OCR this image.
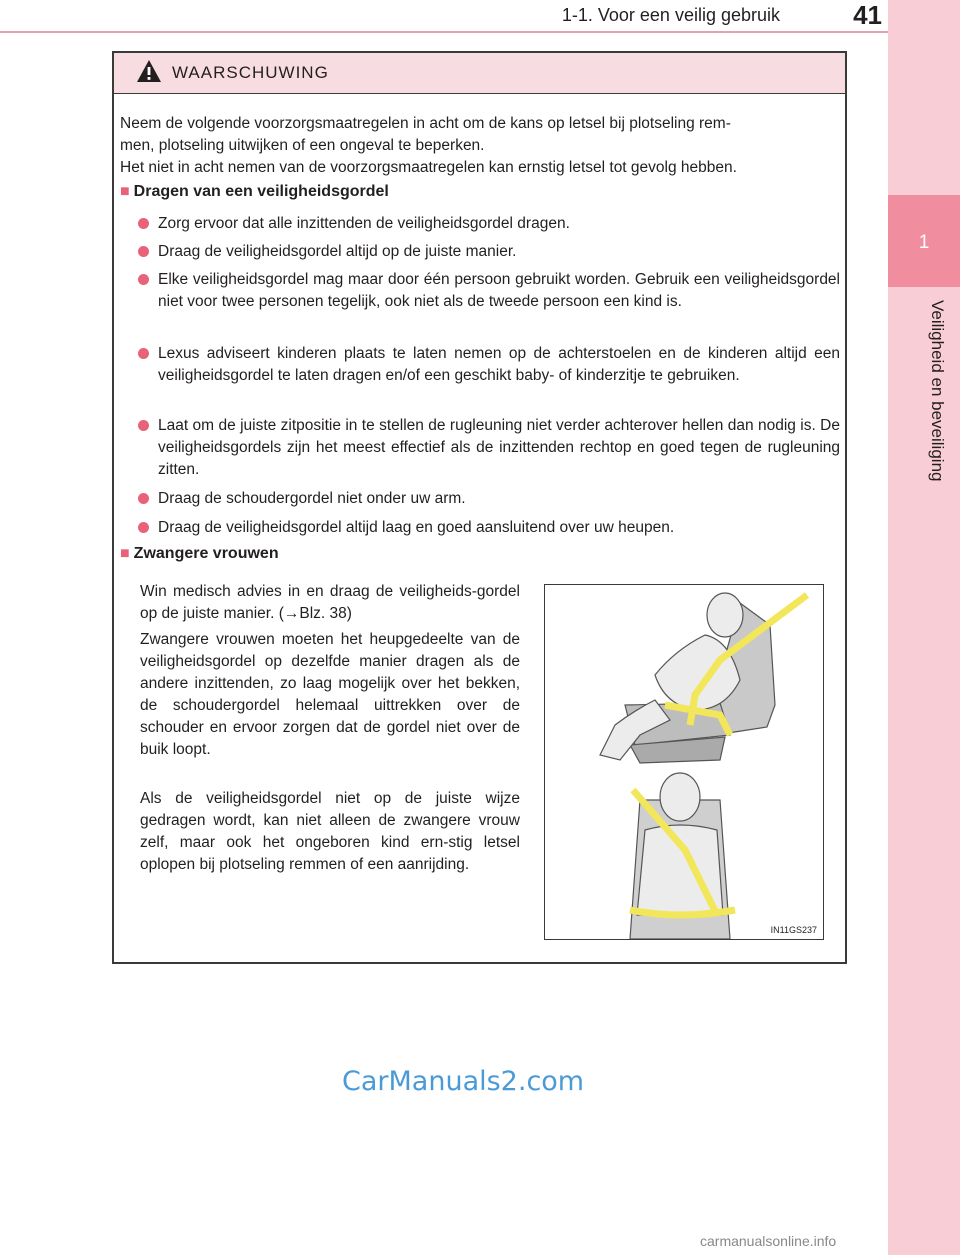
1
Veiligheid en beveiliging
1-1. Voor een veilig gebruik	41
WAARSCHUWING
Neem de volgende voorzorgsmaatregelen in acht om de kans op letsel bij plotseling rem-
men, plotseling uitwijken of een ongeval te beperken.
Het niet in acht nemen van de voorzorgsmaatregelen kan ernstig letsel tot gevolg hebben.
■ Dragen van een veiligheidsgordel
Zorg ervoor dat alle inzittenden de veiligheidsgordel dragen.
Draag de veiligheidsgordel altijd op de juiste manier.
Elke veiligheidsgordel mag maar door één persoon gebruikt worden. Gebruik een veiligheidsgordel niet voor twee personen tegelijk, ook niet als de tweede persoon een kind is.
Lexus adviseert kinderen plaats te laten nemen op de achterstoelen en de kinderen altijd een veiligheidsgordel te laten dragen en/of een geschikt baby- of kinderzitje te gebruiken.
Laat om de juiste zitpositie in te stellen de rugleuning niet verder achterover hellen dan nodig is. De veiligheidsgordels zijn het meest effectief als de inzittenden rechtop en goed tegen de rugleuning zitten.
Draag de schoudergordel niet onder uw arm.
Draag de veiligheidsgordel altijd laag en goed aansluitend over uw heupen.
■ Zwangere vrouwen
Win medisch advies in en draag de veiligheids-gordel op de juiste manier. (→Blz. 38)
Zwangere vrouwen moeten het heupgedeelte van de veiligheidsgordel op dezelfde manier dragen als de andere inzittenden, zo laag mogelijk over het bekken, de schoudergordel helemaal uittrekken over de schouder en ervoor zorgen dat de gordel niet over de buik loopt.
Als de veiligheidsgordel niet op de juiste wijze gedragen wordt, kan niet alleen de zwangere vrouw zelf, maar ook het ongeboren kind ern-stig letsel oplopen bij plotseling remmen of een aanrijding.
IN11GS237
CarManuals2.com
carmanualsonline.info
